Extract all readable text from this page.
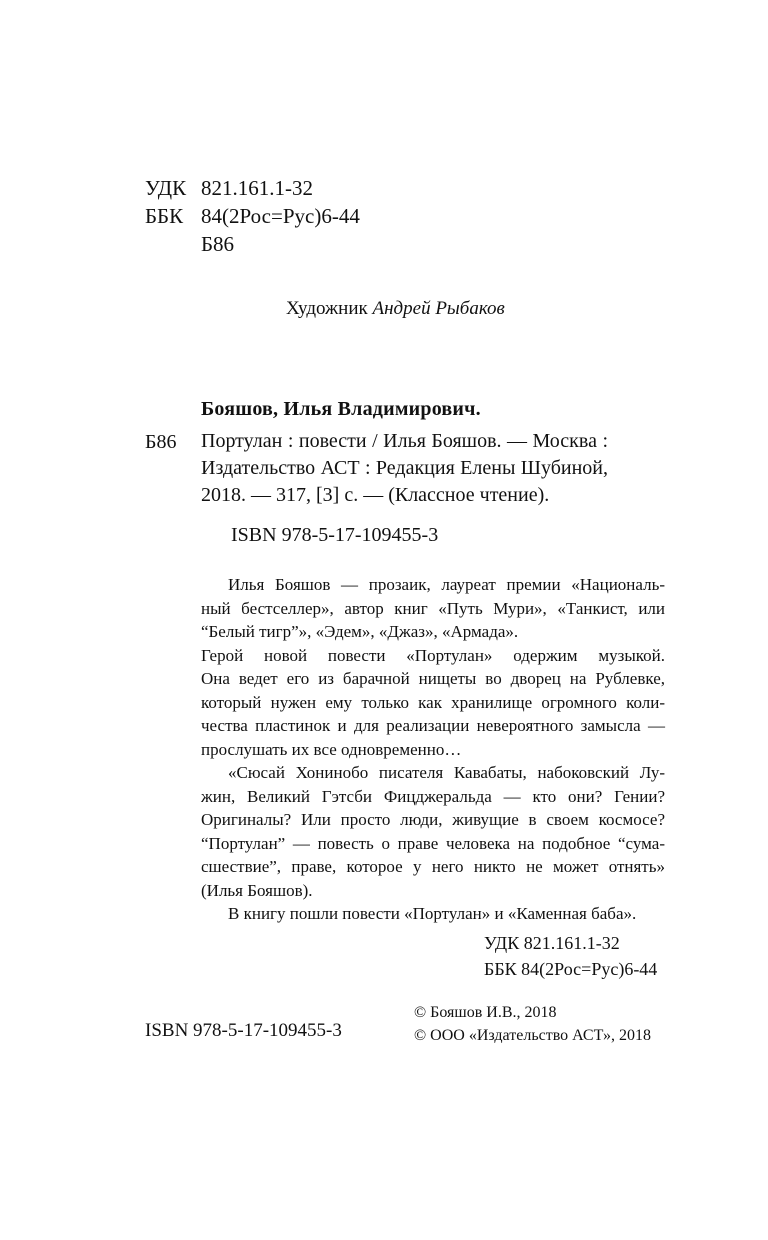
УДК 821.161.1-32
ББК 84(2Рос=Рус)6-44
Б86
Художник Андрей Рыбаков
Бояшов, Илья Владимирович.
Б86 Портулан : повести / Илья Бояшов. — Москва :
Издательство АСТ : Редакция Елены Шубиной,
2018. — 317, [3] с. — (Классное чтение).
ISBN 978-5-17-109455-3
Илья Бояшов — прозаик, лауреат премии «Националь-
ный бестселлер», автор книг «Путь Мури», «Танкист, или
“Белый тигр”», «Эдем», «Джаз», «Армада».
Герой новой повести «Портулан» одержим музыкой.
Она ведет его из барачной нищеты во дворец на Рублевке,
который нужен ему только как хранилище огромного коли-
чества пластинок и для реализации невероятного замысла —
прослушать их все одновременно…
«Сюсай Хонинобо писателя Кавабаты, набоковский Лу-
жин, Великий Гэтсби Фицджеральда — кто они? Гении?
Оригиналы? Или просто люди, живущие в своем космосе?
“Портулан” — повесть о праве человека на подобное “сума-
сшествие”, праве, которое у него никто не может отнять»
(Илья Бояшов).
В книгу пошли повести «Портулан» и «Каменная баба».
УДК 821.161.1-32
ББК 84(2Рос=Рус)6-44
© Бояшов И.В., 2018
© ООО «Издательство АСТ», 2018
ISBN 978-5-17-109455-3
